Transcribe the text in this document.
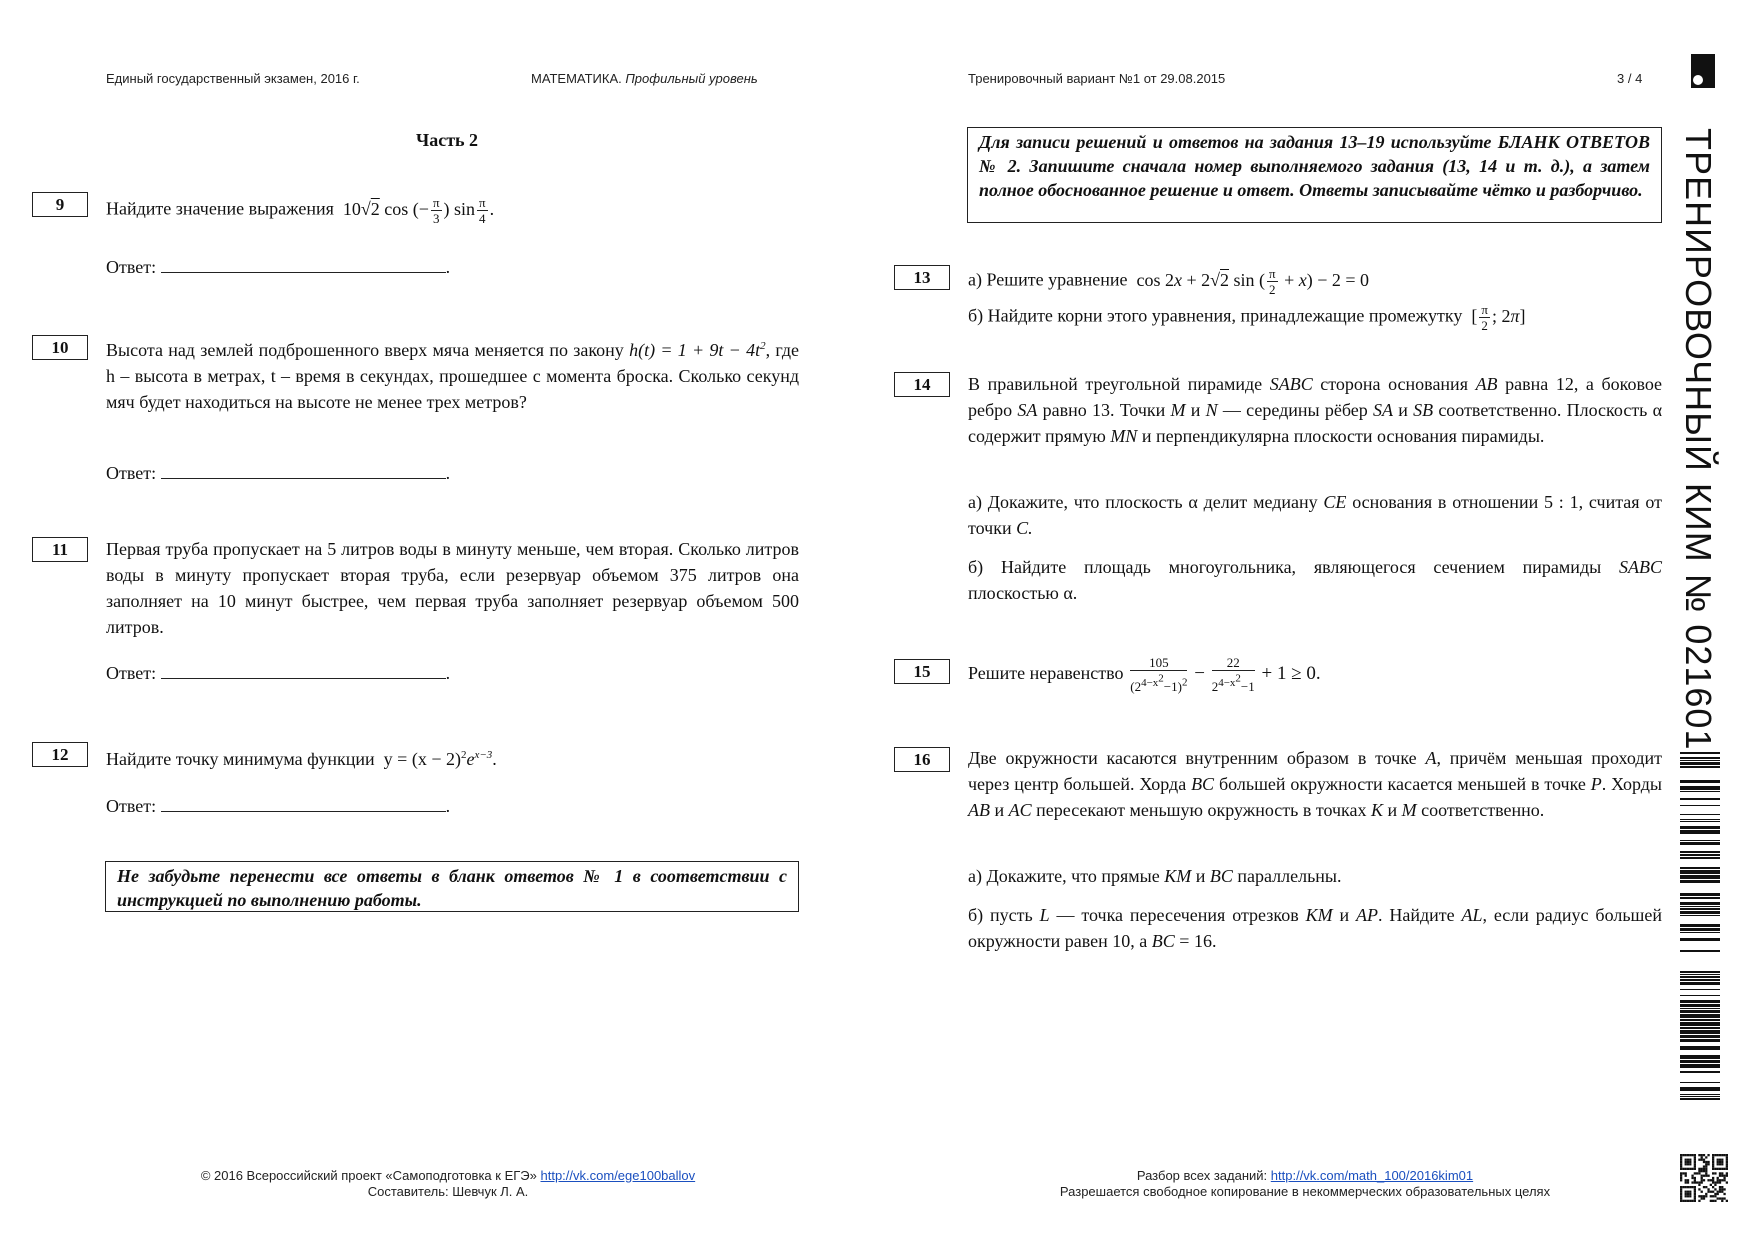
Единый государственный экзамен, 2016 г.	МАТЕМАТИКА. Профильный уровень	Тренировочный вариант №1 от 29.08.2015	3 / 4
Часть 2
9	Найдите значение выражения  10√2 cos (− $\frac{\pi}{3}$ ) $\sin \frac{\pi}{4}$ .
Ответ:	.
10	Высота над землей подброшенного вверх мяча меняется по закону $h(t) = 1 + 9t - 4t^2$, где h – высота в метрах, t – время в секундах, прошедшее с момента броска. Сколько секунд мяч будет находиться на высоте не менее трех метров?
Ответ:	.
11	Первая труба пропускает на 5 литров воды в минуту меньше, чем вторая. Сколько литров воды в минуту пропускает вторая труба, если резервуар объемом 375 литров она заполняет на 10 минут быстрее, чем первая труба заполняет резервуар объемом 500 литров.
Ответ:	.
12	Найдите точку минимума функции  $y = (x - 2)^2e^{x-3}$.
Ответ:	.
Не забудьте перенести все ответы в бланк ответов № 1 в соответствии с инструкцией по выполнению работы.
Для записи решений и ответов на задания 13–19 используйте БЛАНК ОТВЕТОВ № 2. Запишите сначала номер выполняемого задания (13, 14 и т. д.), а затем полное обоснованное решение и ответ. Ответы записывайте чётко и разборчиво.
13	а) Решите уравнение  cos 2x + 2√2 sin ( $\frac{\pi}{2} + x) - 2 = 0$
б) Найдите корни этого уравнения, принадлежащие промежутку  [ $\frac{\pi}{2}$ ; 2π]
14	В правильной треугольной пирамиде SABC сторона основания AB равна 12, а боковое ребро SA равно 13. Точки M и N — середины рёбер SA и SB соответственно. Плоскость α содержит прямую MN и перпендикулярна плоскости основания пирамиды.
а) Докажите, что плоскость α делит медиану CE основания в отношении 5 : 1, считая от точки C.
б) Найдите площадь многоугольника, являющегося сечением пирамиды SABC плоскостью α.
15	Решите неравенство $\frac{105}{(2^{4-x^2}-1)^2} - \frac{22}{2^{4-x^2}-1} + 1 \ge 0$.
16	Две окружности касаются внутренним образом в точке A, причём меньшая проходит через центр большей. Хорда BC большей окружности касается меньшей в точке P. Хорды AB и AC пересекают меньшую окружность в точках K и M соответственно.
а) Докажите, что прямые KM и BC параллельны.
б) пусть L — точка пересечения отрезков KM и AP. Найдите AL, если радиус большей окружности равен 10, а BC = 16.
ТРЕНИРОВОЧНЫЙ КИМ № 021601
© 2016 Всероссийский проект «Самоподготовка к ЕГЭ» http://vk.com/ege100ballov
Составитель: Шевчук Л. А.
Разбор всех заданий: http://vk.com/math_100/2016kim01
Разрешается свободное копирование в некоммерческих образовательных целях
